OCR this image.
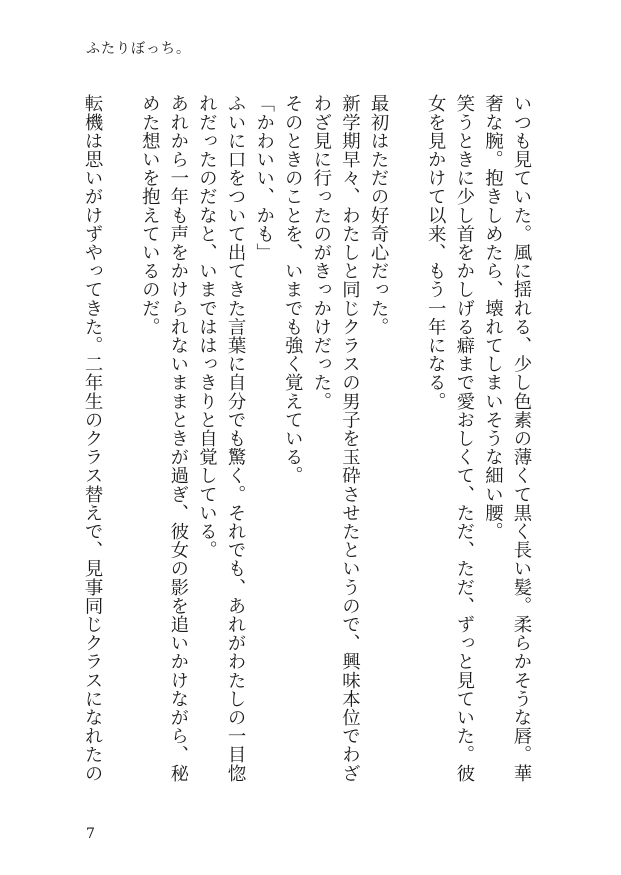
ふたりぼっち。

いつも見ていた。風に揺れる、少し色素の薄くて黒く長い髪。柔らかそうな唇。華奢な腕。抱きしめたら、壊れてしまいそうな細い腰。

笑うときに少し首をかしげる癖まで愛おしくて、ただ、ただ、ずっと見ていた。彼女を見かけて以来、もう一年になる。

最初はただの好奇心だった。

新学期早々、わたしと同じクラスの男子を玉砕させたというので、興味本位でわざわざ見に行ったのがきっかけだった。

そのときのことを、いまでも強く覚えている。

「かわいい、かも」

ふいに口をついて出てきた言葉に自分でも驚く。それでも、あれがわたしの一目惚れだったのだなと、いまでははっきりと自覚している。

あれから一年も声をかけられないままときが過ぎ、彼女の影を追いかけながら、秘めた想いを抱えているのだ。

転機は思いがけずやってきた。二年生のクラス替えで、見事同じクラスになれたの

7
